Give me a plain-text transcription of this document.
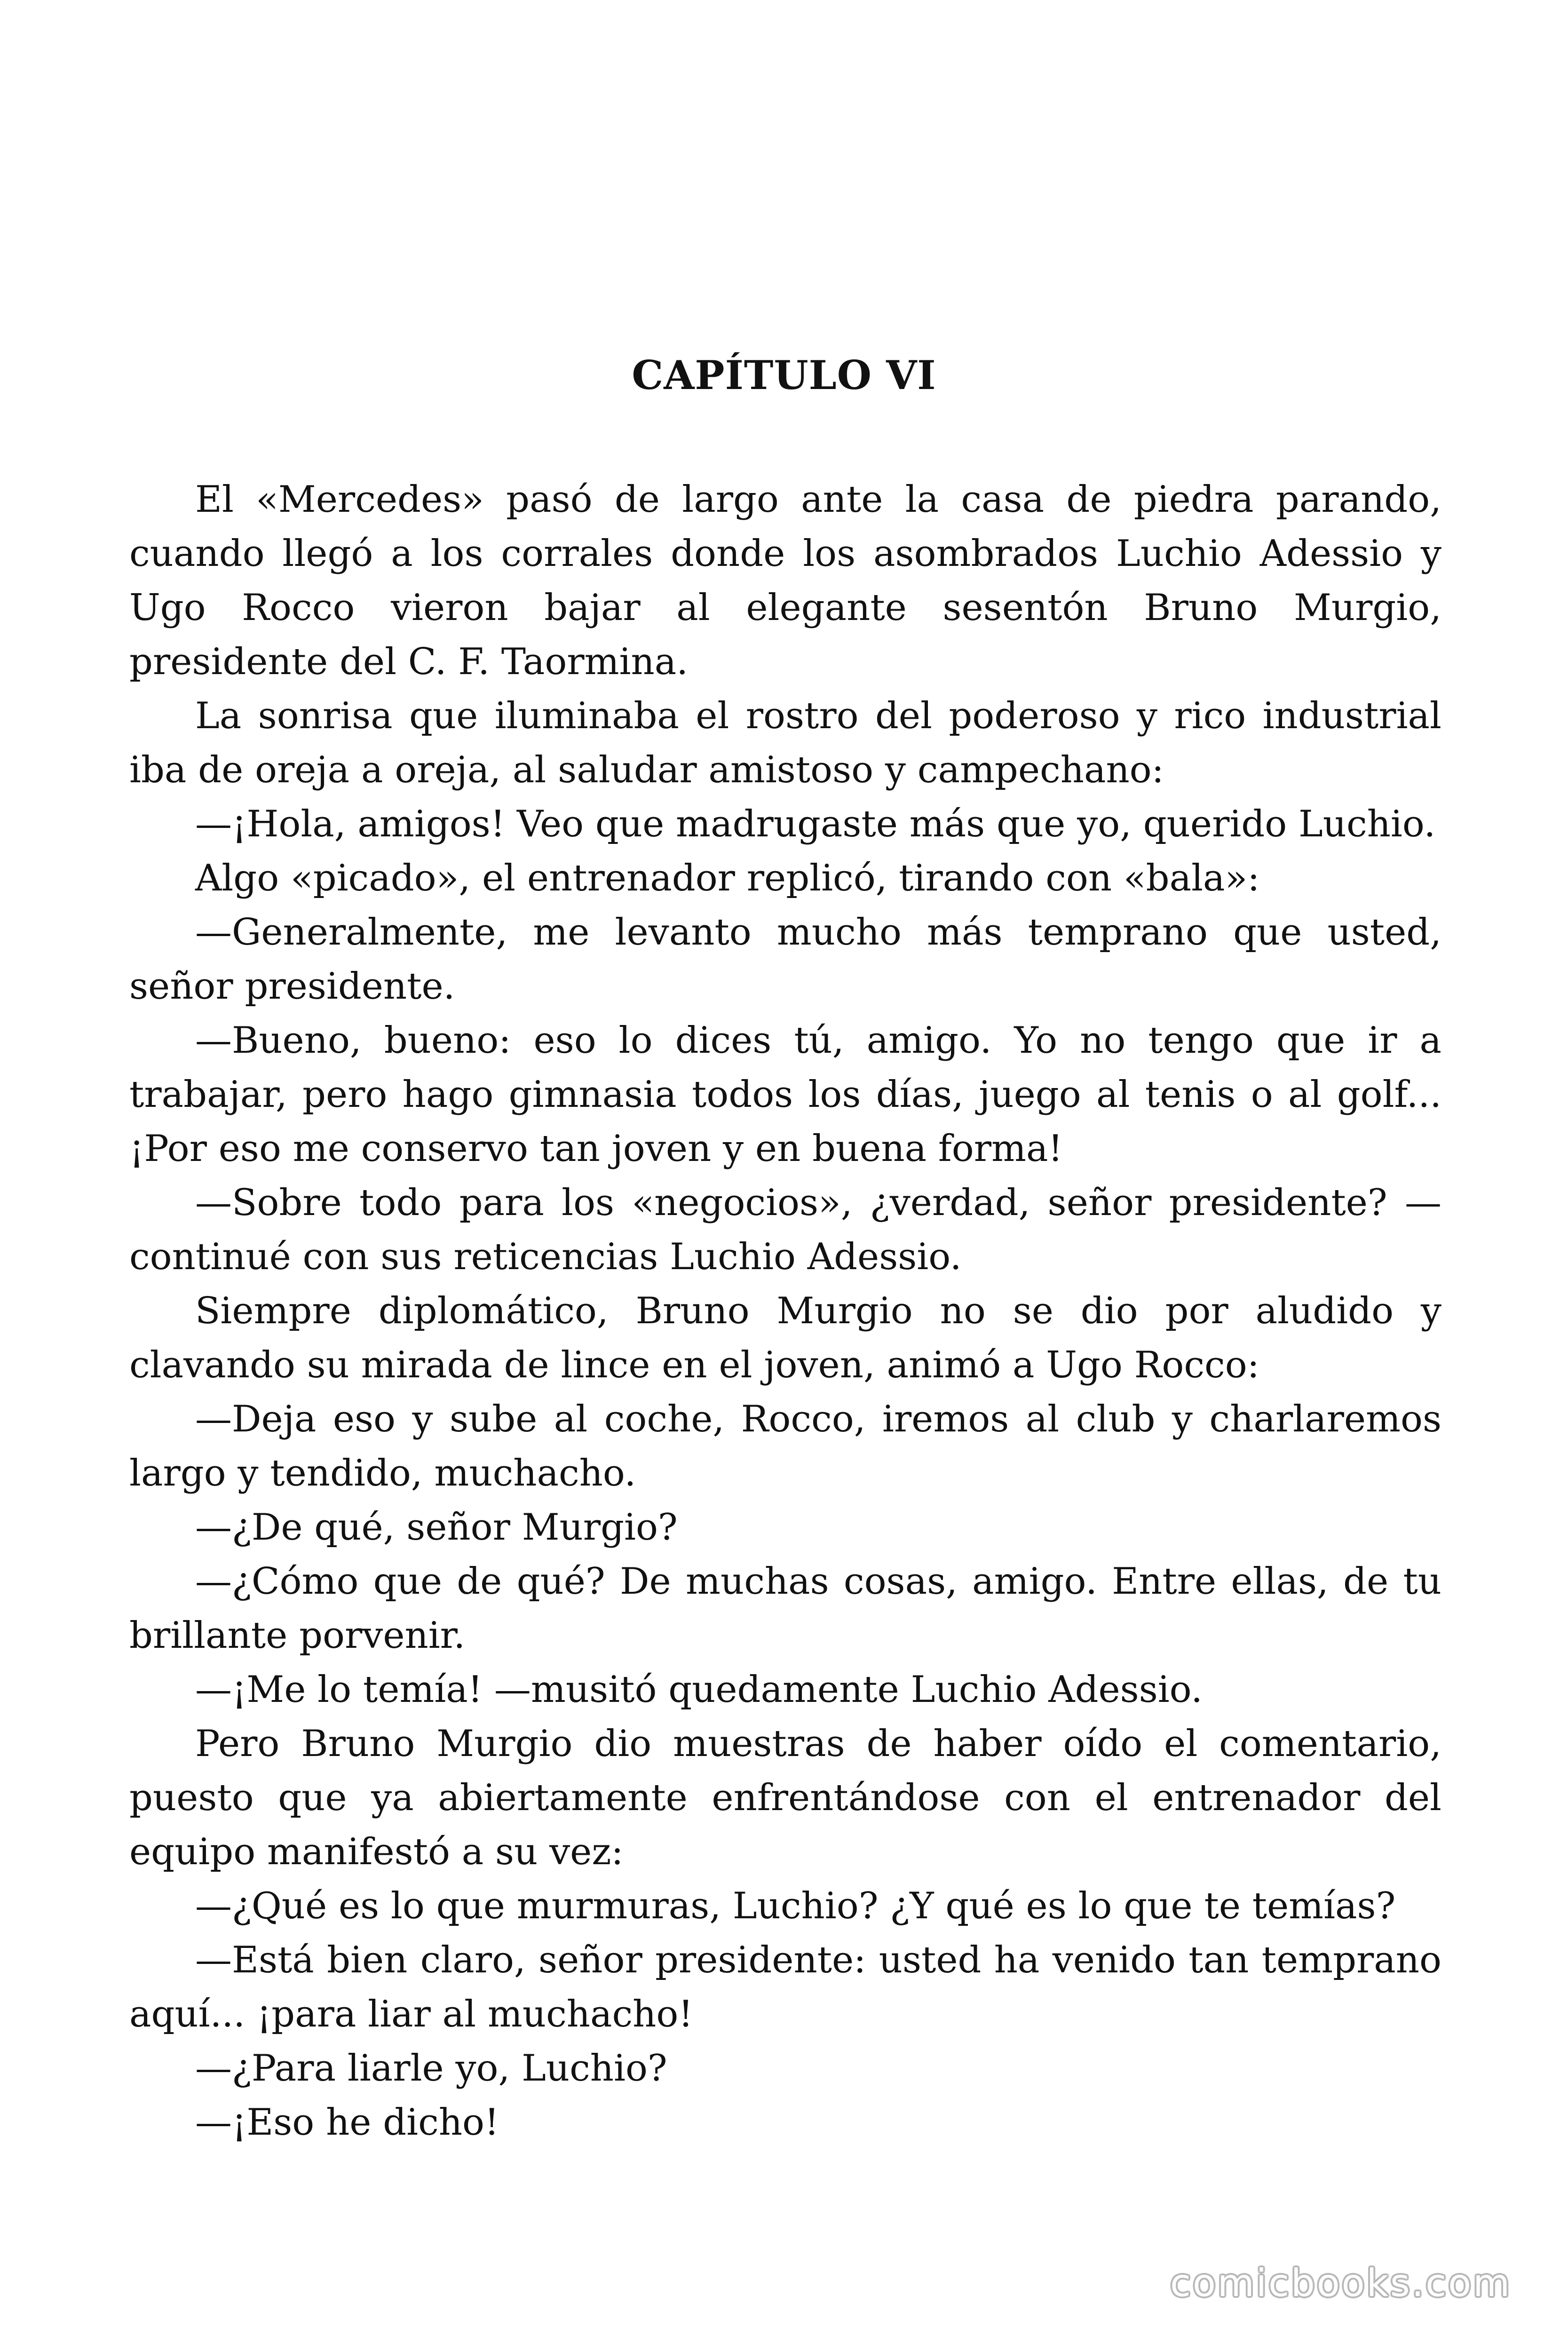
CAPÍTULO VI

El «Mercedes» pasó de largo ante la casa de piedra parando, cuando llegó a los corrales donde los asombrados Luchio Adessio y Ugo Rocco vieron bajar al elegante sesentón Bruno Murgio, presidente del C. F. Taormina.

La sonrisa que iluminaba el rostro del poderoso y rico industrial iba de oreja a oreja, al saludar amistoso y campechano:

—¡Hola, amigos! Veo que madrugaste más que yo, querido Luchio.

Algo «picado», el entrenador replicó, tirando con «bala»:

—Generalmente, me levanto mucho más temprano que usted, señor presidente.

—Bueno, bueno: eso lo dices tú, amigo. Yo no tengo que ir a trabajar, pero hago gimnasia todos los días, juego al tenis o al golf... ¡Por eso me conservo tan joven y en buena forma!

—Sobre todo para los «negocios», ¿verdad, señor presidente? —continué con sus reticencias Luchio Adessio.

Siempre diplomático, Bruno Murgio no se dio por aludido y clavando su mirada de lince en el joven, animó a Ugo Rocco:

—Deja eso y sube al coche, Rocco, iremos al club y charlaremos largo y tendido, muchacho.

—¿De qué, señor Murgio?

—¿Cómo que de qué? De muchas cosas, amigo. Entre ellas, de tu brillante porvenir.

—¡Me lo temía! —musitó quedamente Luchio Adessio.

Pero Bruno Murgio dio muestras de haber oído el comentario, puesto que ya abiertamente enfrentándose con el entrenador del equipo manifestó a su vez:

—¿Qué es lo que murmuras, Luchio? ¿Y qué es lo que te temías?

—Está bien claro, señor presidente: usted ha venido tan temprano aquí... ¡para liar al muchacho!

—¿Para liarle yo, Luchio?

—¡Eso he dicho!

comicbooks.com
